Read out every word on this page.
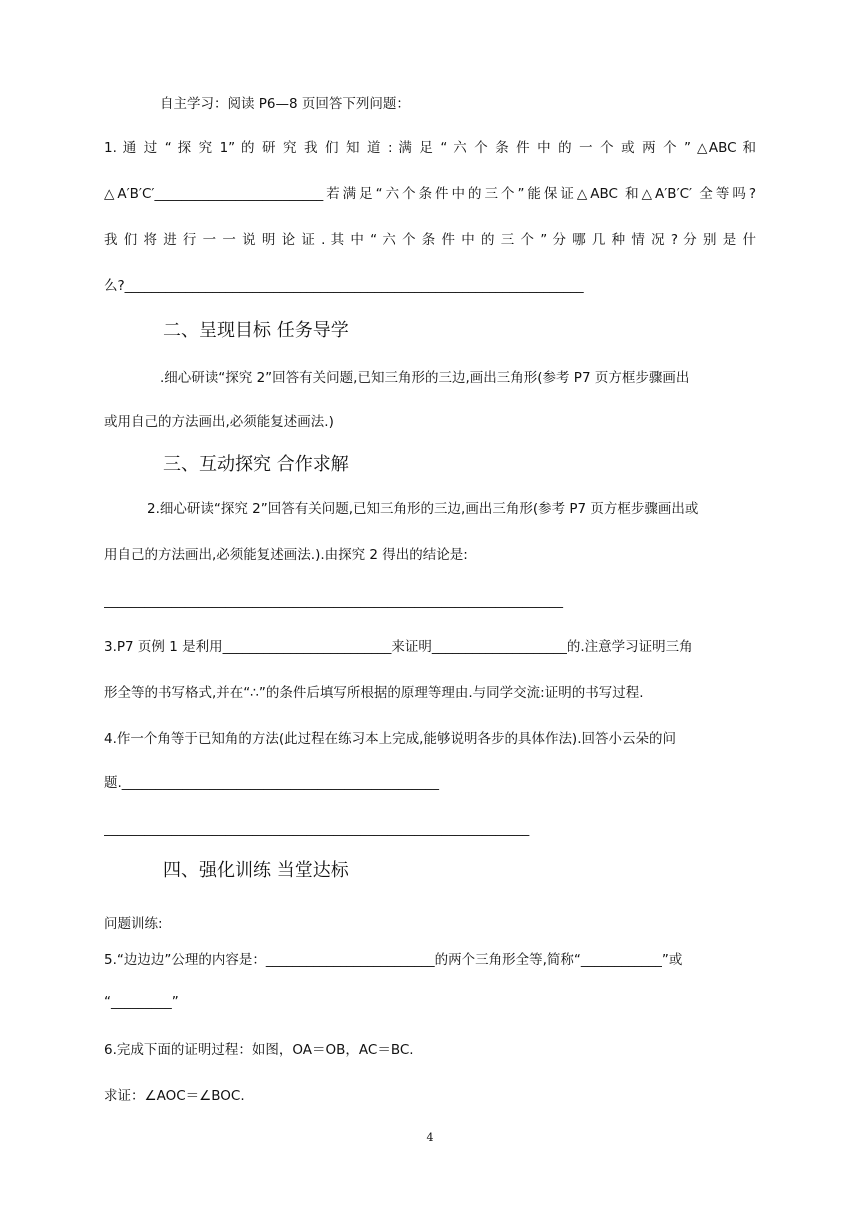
自主学习：阅读 P6—8 页回答下列问题：
1. 通 过 “ 探 究 1” 的 研 究 我 们 知 道 : 满 足 “ 六 个 条 件 中 的 一 个 或 两 个 ” △ABC 和
△A′B′C′_________________________若满足“六个条件中的三个”能保证△ABC 和△A′B′C′ 全等吗?
我 们 将 进 行 一 一 说 明 论 证 . 其 中 “ 六 个 条 件 中 的 三 个 ” 分 哪 几 种 情 况 ? 分 别 是 什
么?____________________________________________________________________
二、呈现目标 任务导学
.细心研读“探究 2”回答有关问题,已知三角形的三边,画出三角形(参考 P7 页方框步骤画出
或用自己的方法画出,必须能复述画法.)
三、互动探究 合作求解
2.细心研读“探究 2”回答有关问题,已知三角形的三边,画出三角形(参考 P7 页方框步骤画出或
用自己的方法画出,必须能复述画法.).由探究 2 得出的结论是:
____________________________________________________________________
3.P7 页例 1 是利用_________________________来证明____________________的.注意学习证明三角
形全等的书写格式,并在“∴”的条件后填写所根据的原理等理由.与同学交流:证明的书写过程.
4.作一个角等于已知角的方法(此过程在练习本上完成,能够说明各步的具体作法).回答小云朵的问
题._______________________________________________
_______________________________________________________________
四、强化训练 当堂达标
问题训练:
5.“边边边”公理的内容是：_________________________的两个三角形全等,简称“____________”或
“_________”
6.完成下面的证明过程：如图，OA＝OB，AC＝BC.
求证：∠AOC＝∠BOC.
4
